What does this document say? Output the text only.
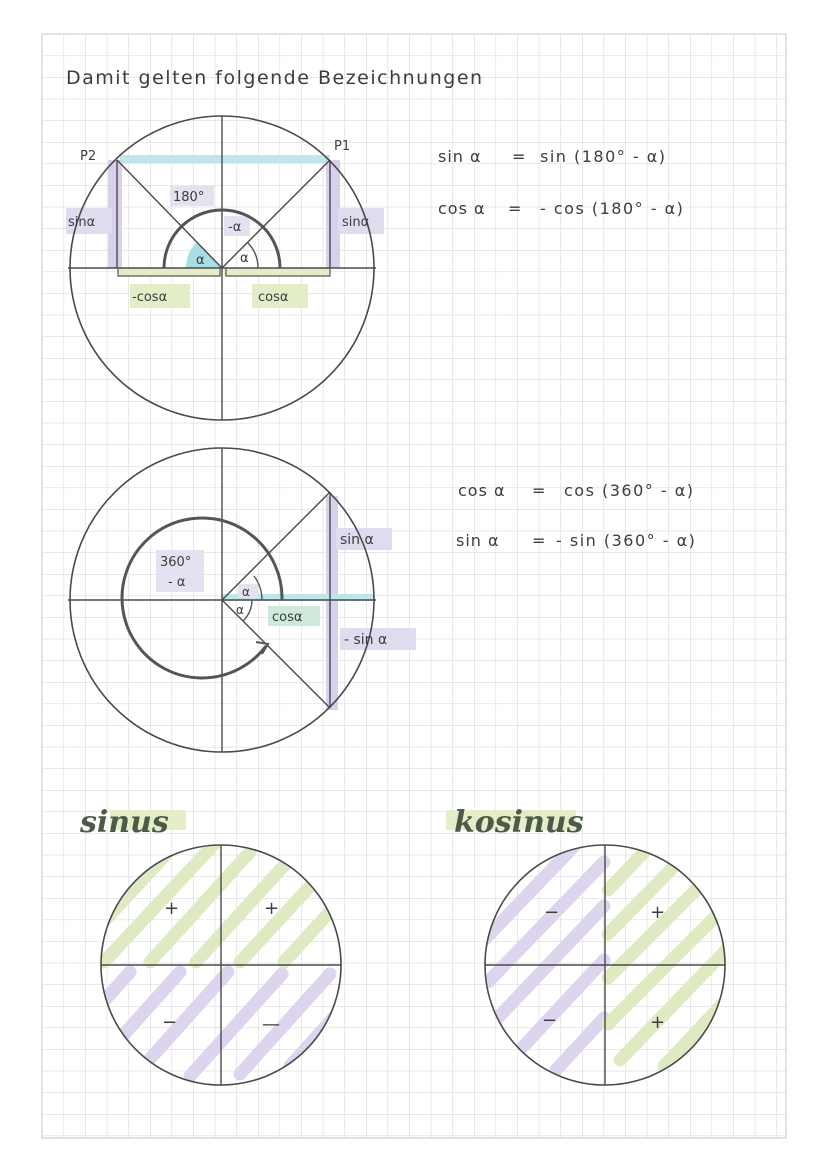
Damit gelten folgende Bezeichnungen
P2
P1
180°
-α
α	α
sinα	sinα
-cosα	cosα
sin α = sin (180° - α)
cos α = - cos (180° - α)
360°
- α
α
α
sin α
- sin α
cosα
cos α = cos (360° - α)
sin α = - sin (360° - α)
sinus
+	+
−	—
kosinus
−	+
−	+
